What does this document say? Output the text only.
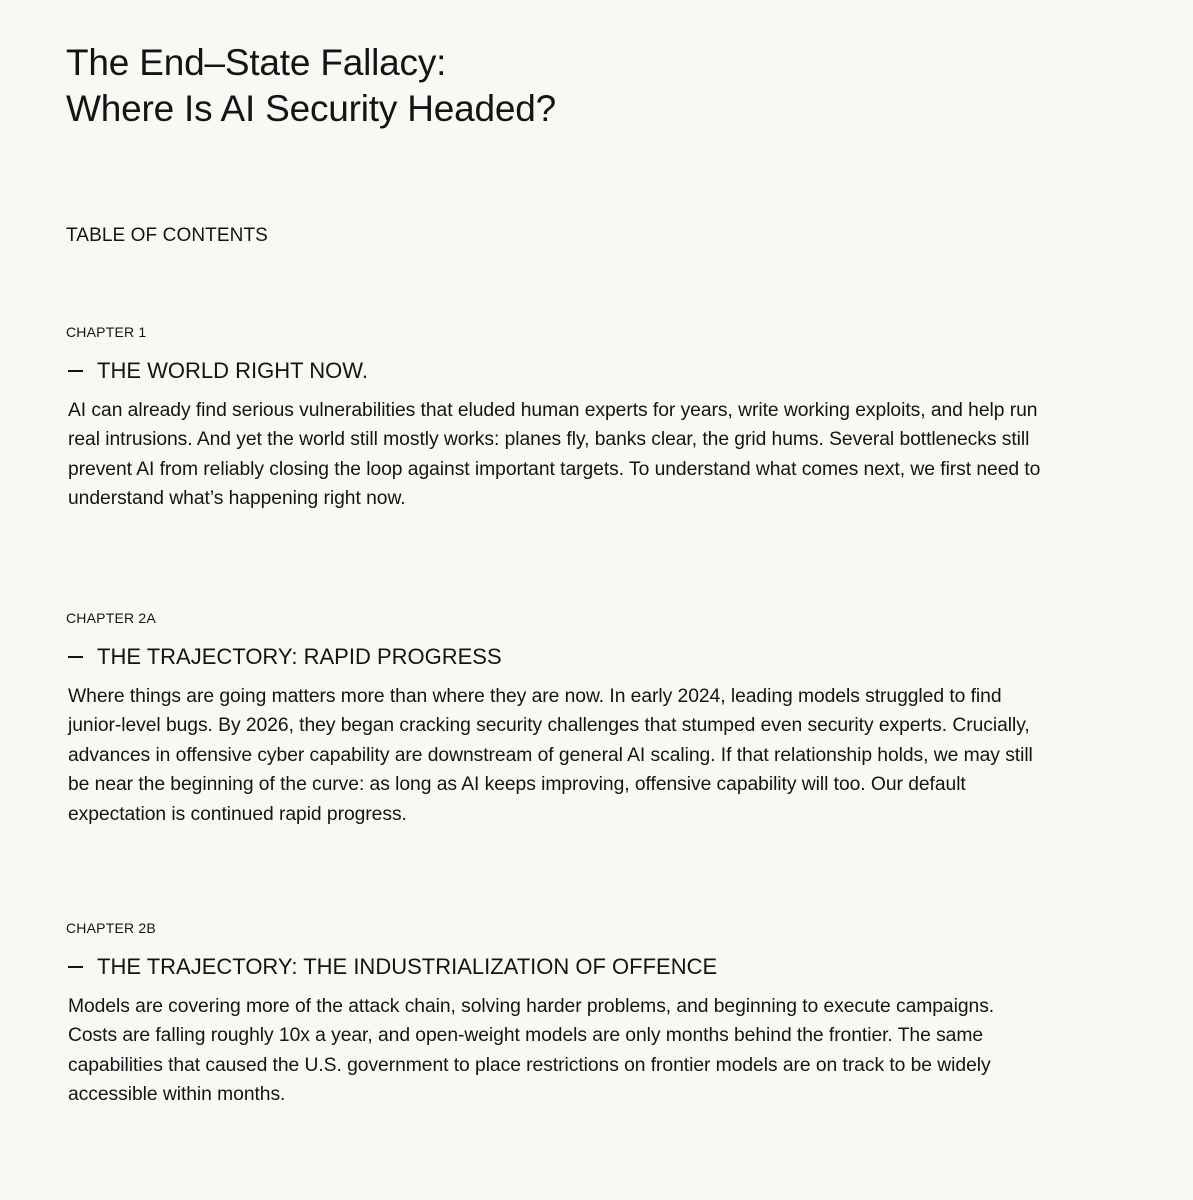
The End–State Fallacy:
Where Is AI Security Headed?
TABLE OF CONTENTS
CHAPTER 1
THE WORLD RIGHT NOW.

AI can already find serious vulnerabilities that eluded human experts for years, write working exploits, and help run real intrusions. And yet the world still mostly works: planes fly, banks clear, the grid hums. Several bottlenecks still prevent AI from reliably closing the loop against important targets. To understand what comes next, we first need to understand what’s happening right now.

CHAPTER 2A
THE TRAJECTORY: RAPID PROGRESS

Where things are going matters more than where they are now. In early 2024, leading models struggled to find junior-level bugs. By 2026, they began cracking security challenges that stumped even security experts. Crucially, advances in offensive cyber capability are downstream of general AI scaling. If that relationship holds, we may still be near the beginning of the curve: as long as AI keeps improving, offensive capability will too. Our default expectation is continued rapid progress.

CHAPTER 2B
THE TRAJECTORY: THE INDUSTRIALIZATION OF OFFENCE

Models are covering more of the attack chain, solving harder problems, and beginning to execute campaigns. Costs are falling roughly 10x a year, and open-weight models are only months behind the frontier. The same capabilities that caused the U.S. government to place restrictions on frontier models are on track to be widely accessible within months.
